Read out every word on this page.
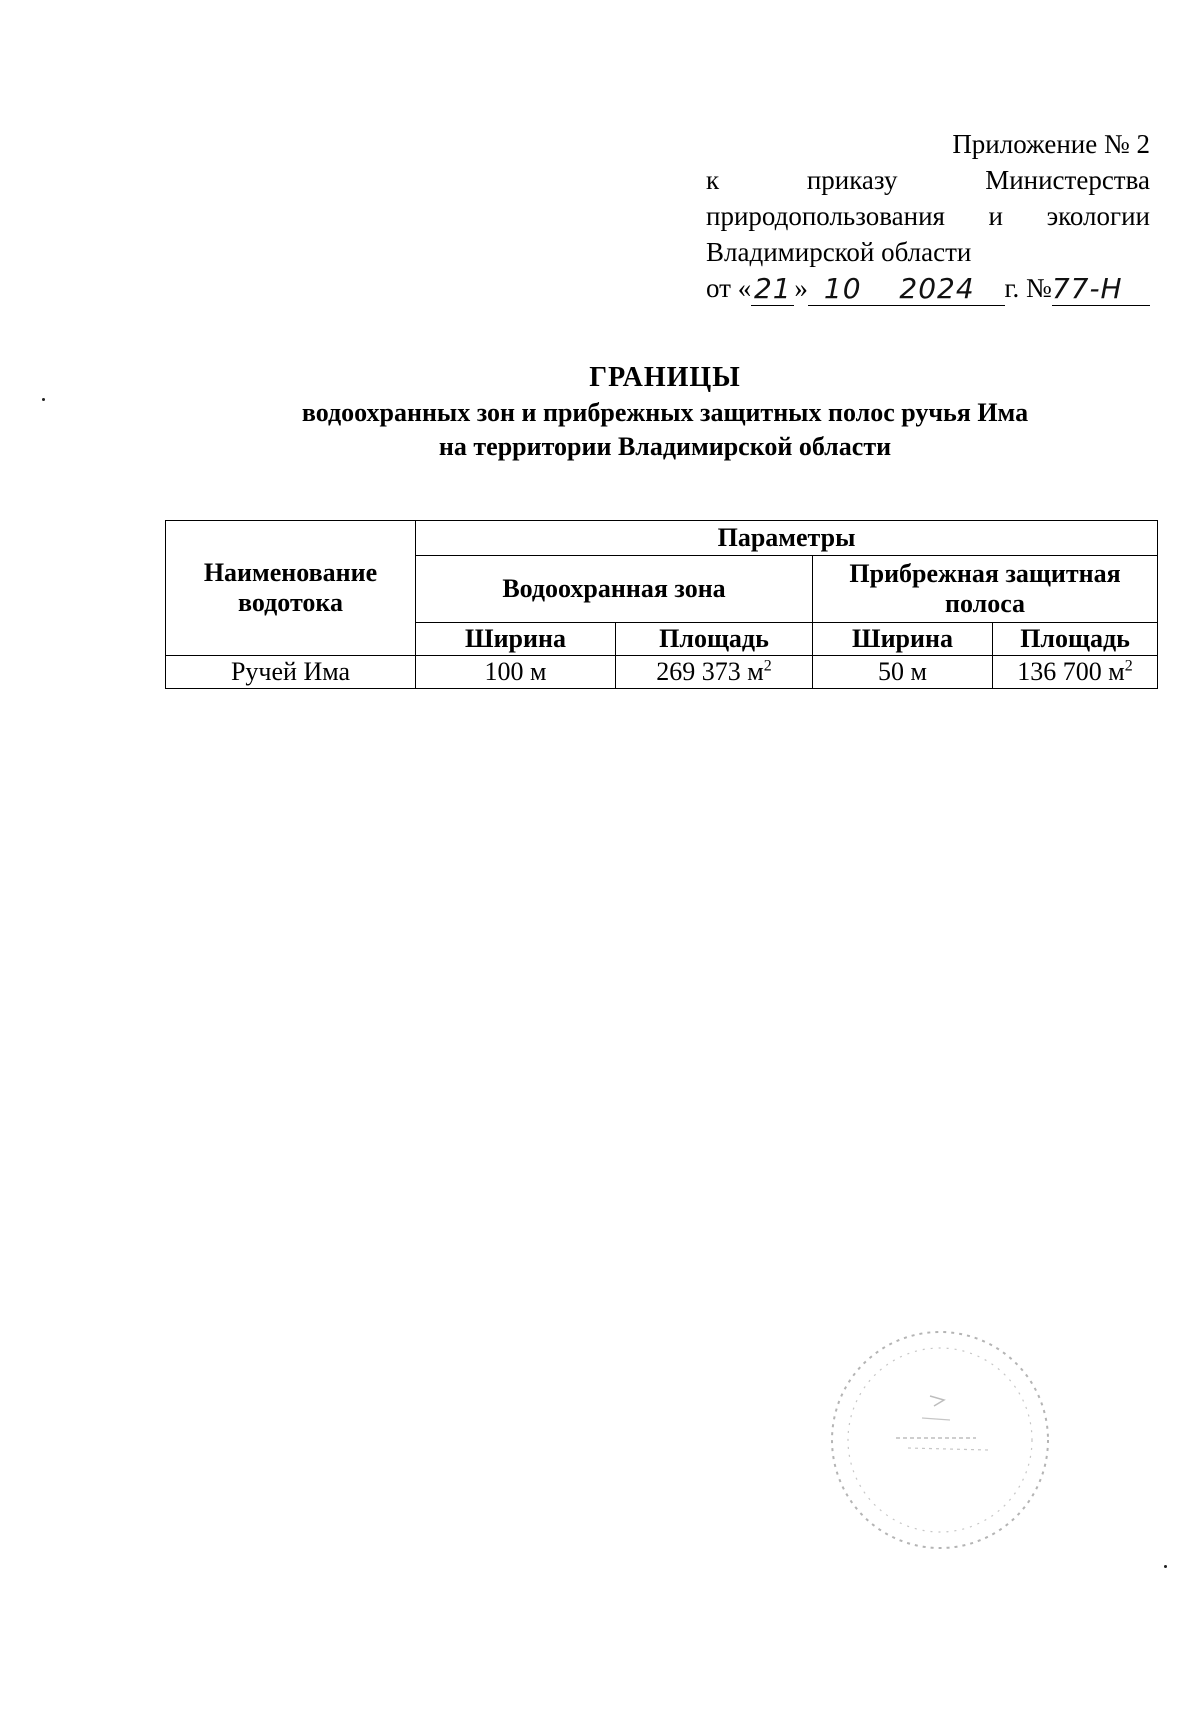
Приложение № 2
к	приказу	Министерства
природопользования и экологии
Владимирской области
от « 21 » 10 2024	г. № 77-Н
ГРАНИЦЫ
водоохранных зон и прибрежных защитных полос ручья Има
на территории Владимирской области
Наименование водотока	Параметры			
	Водоохранная зона		Прибрежная защитная полоса	
	Ширина	Площадь	Ширина	Площадь
Ручей Има	100 м	269 373 $м^2$	50 м	136 700 $м^2$
